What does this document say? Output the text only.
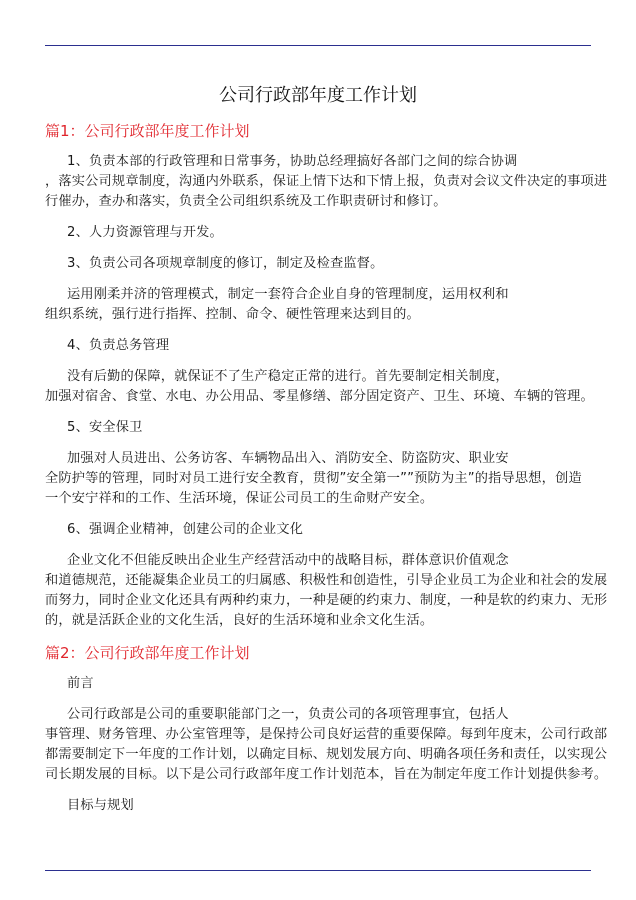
公司行政部年度工作计划
篇1：公司行政部年度工作计划
1、负责本部的行政管理和日常事务，协助总经理搞好各部门之间的综合协调
，落实公司规章制度，沟通内外联系，保证上情下达和下情上报，负责对会议文件决定的事项进
行催办，查办和落实，负责全公司组织系统及工作职责研讨和修订。
2、人力资源管理与开发。
3、负责公司各项规章制度的修订，制定及检查监督。
运用刚柔并济的管理模式，制定一套符合企业自身的管理制度，运用权利和
组织系统，强行进行指挥、控制、命令、硬性管理来达到目的。
4、负责总务管理
没有后勤的保障，就保证不了生产稳定正常的进行。首先要制定相关制度，
加强对宿舍、食堂、水电、办公用品、零星修缮、部分固定资产、卫生、环境、车辆的管理。
5、安全保卫
加强对人员进出、公务访客、车辆物品出入、消防安全、防盗防灾、职业安
全防护等的管理，同时对员工进行安全教育，贯彻”安全第一””预防为主”的指导思想，创造
一个安宁祥和的工作、生活环境，保证公司员工的生命财产安全。
6、强调企业精神，创建公司的企业文化
企业文化不但能反映出企业生产经营活动中的战略目标，群体意识价值观念
和道德规范，还能凝集企业员工的归属感、积极性和创造性，引导企业员工为企业和社会的发展
而努力，同时企业文化还具有两种约束力，一种是硬的约束力、制度，一种是软的约束力、无形
的，就是活跃企业的文化生活，良好的生活环境和业余文化生活。
篇2：公司行政部年度工作计划
前言
公司行政部是公司的重要职能部门之一，负责公司的各项管理事宜，包括人
事管理、财务管理、办公室管理等，是保持公司良好运营的重要保障。每到年度末，公司行政部
都需要制定下一年度的工作计划，以确定目标、规划发展方向、明确各项任务和责任，以实现公
司长期发展的目标。以下是公司行政部年度工作计划范本，旨在为制定年度工作计划提供参考。
目标与规划
